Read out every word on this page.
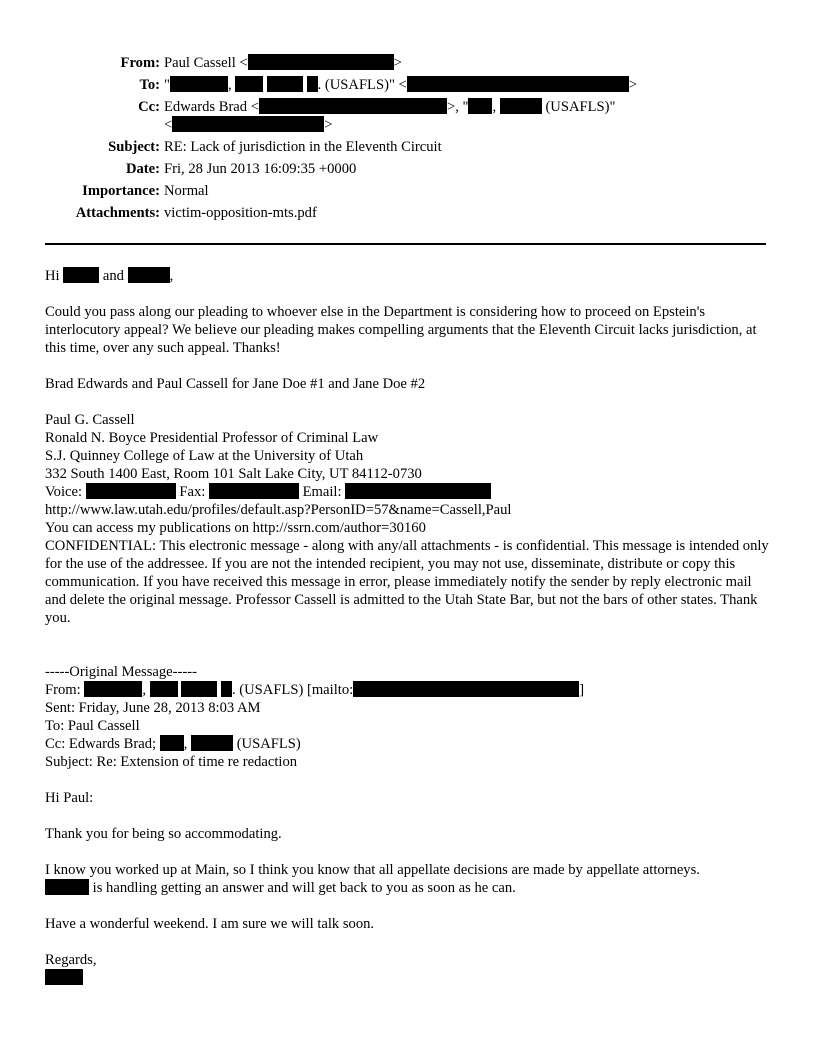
From: Paul Cassell <	>
To: "	,	. (USAFLS)" <	>
Cc: Edwards Brad <	>, " ,	(USAFLS)"
<	>
Subject: RE: Lack of jurisdiction in the Eleventh Circuit
Date: Fri, 28 Jun 2013 16:09:35 +0000
Importance: Normal
Attachments: victim-opposition-mts.pdf
Hi	and	,
Could you pass along our pleading to whoever else in the Department is considering how to proceed on Epstein's interlocutory appeal? We believe our pleading makes compelling arguments that the Eleventh Circuit lacks jurisdiction, at this time, over any such appeal. Thanks!
Brad Edwards and Paul Cassell for Jane Doe #1 and Jane Doe #2
Paul G. Cassell
Ronald N. Boyce Presidential Professor of Criminal Law
S.J. Quinney College of Law at the University of Utah
332 South 1400 East, Room 101 Salt Lake City, UT 84112-0730
Voice:	Fax:	Email:
http://www.law.utah.edu/profiles/default.asp?PersonID=57&name=Cassell,Paul
You can access my publications on http://ssrn.com/author=30160
CONFIDENTIAL: This electronic message - along with any/all attachments - is confidential. This message is intended only for the use of the addressee. If you are not the intended recipient, you may not use, disseminate, distribute or copy this communication. If you have received this message in error, please immediately notify the sender by reply electronic mail and delete the original message. Professor Cassell is admitted to the Utah State Bar, but not the bars of other states. Thank you.
-----Original Message-----
From:	,	. (USAFLS) [mailto:	]
Sent: Friday, June 28, 2013 8:03 AM
To: Paul Cassell
Cc: Edwards Brad; ,	(USAFLS)
Subject: Re: Extension of time re redaction
Hi Paul:
Thank you for being so accommodating.
I know you worked up at Main, so I think you know that all appellate decisions are made by appellate attorneys.
is handling getting an answer and will get back to you as soon as he can.
Have a wonderful weekend. I am sure we will talk soon.
Regards,
